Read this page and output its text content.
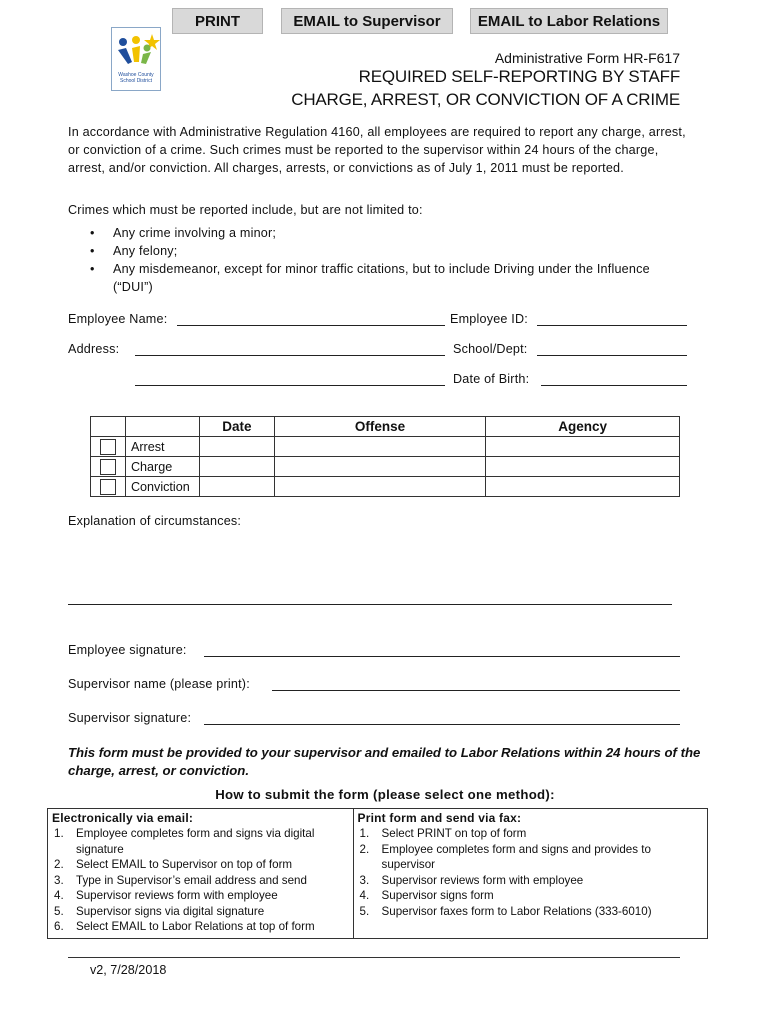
PRINT	EMAIL to Supervisor	EMAIL to Labor Relations
Washoe County
School District
Administrative Form HR-F617
REQUIRED SELF-REPORTING BY STAFF
CHARGE, ARREST, OR CONVICTION OF A CRIME
In accordance with Administrative Regulation 4160, all employees are required to report any charge, arrest, or conviction of a crime. Such crimes must be reported to the supervisor within 24 hours of the charge, arrest, and/or conviction. All charges, arrests, or convictions as of July 1, 2011 must be reported.
Crimes which must be reported include, but are not limited to:
• Any crime involving a minor;
• Any felony;
• Any misdemeanor, except for minor traffic citations, but to include Driving under the Influence (“DUI”)
Employee Name:	Employee ID:
Address:	School/Dept:
Date of Birth:
		Date	Offense	Agency
	Arrest			
	Charge			
	Conviction			
Explanation of circumstances:
Employee signature:
Supervisor name (please print):
Supervisor signature:
This form must be provided to your supervisor and emailed to Labor Relations within 24 hours of the charge, arrest, or conviction.
How to submit the form (please select one method):
Electronically via email:
1. Employee completes form and signs via digital signature
2. Select EMAIL to Supervisor on top of form
3. Type in Supervisor’s email address and send
4. Supervisor reviews form with employee
5. Supervisor signs via digital signature
6. Select EMAIL to Labor Relations at top of form

Print form and send via fax:
1. Select PRINT on top of form
2. Employee completes form and signs and provides to supervisor
3. Supervisor reviews form with employee
4. Supervisor signs form
5. Supervisor faxes form to Labor Relations (333-6010)
v2, 7/28/2018
